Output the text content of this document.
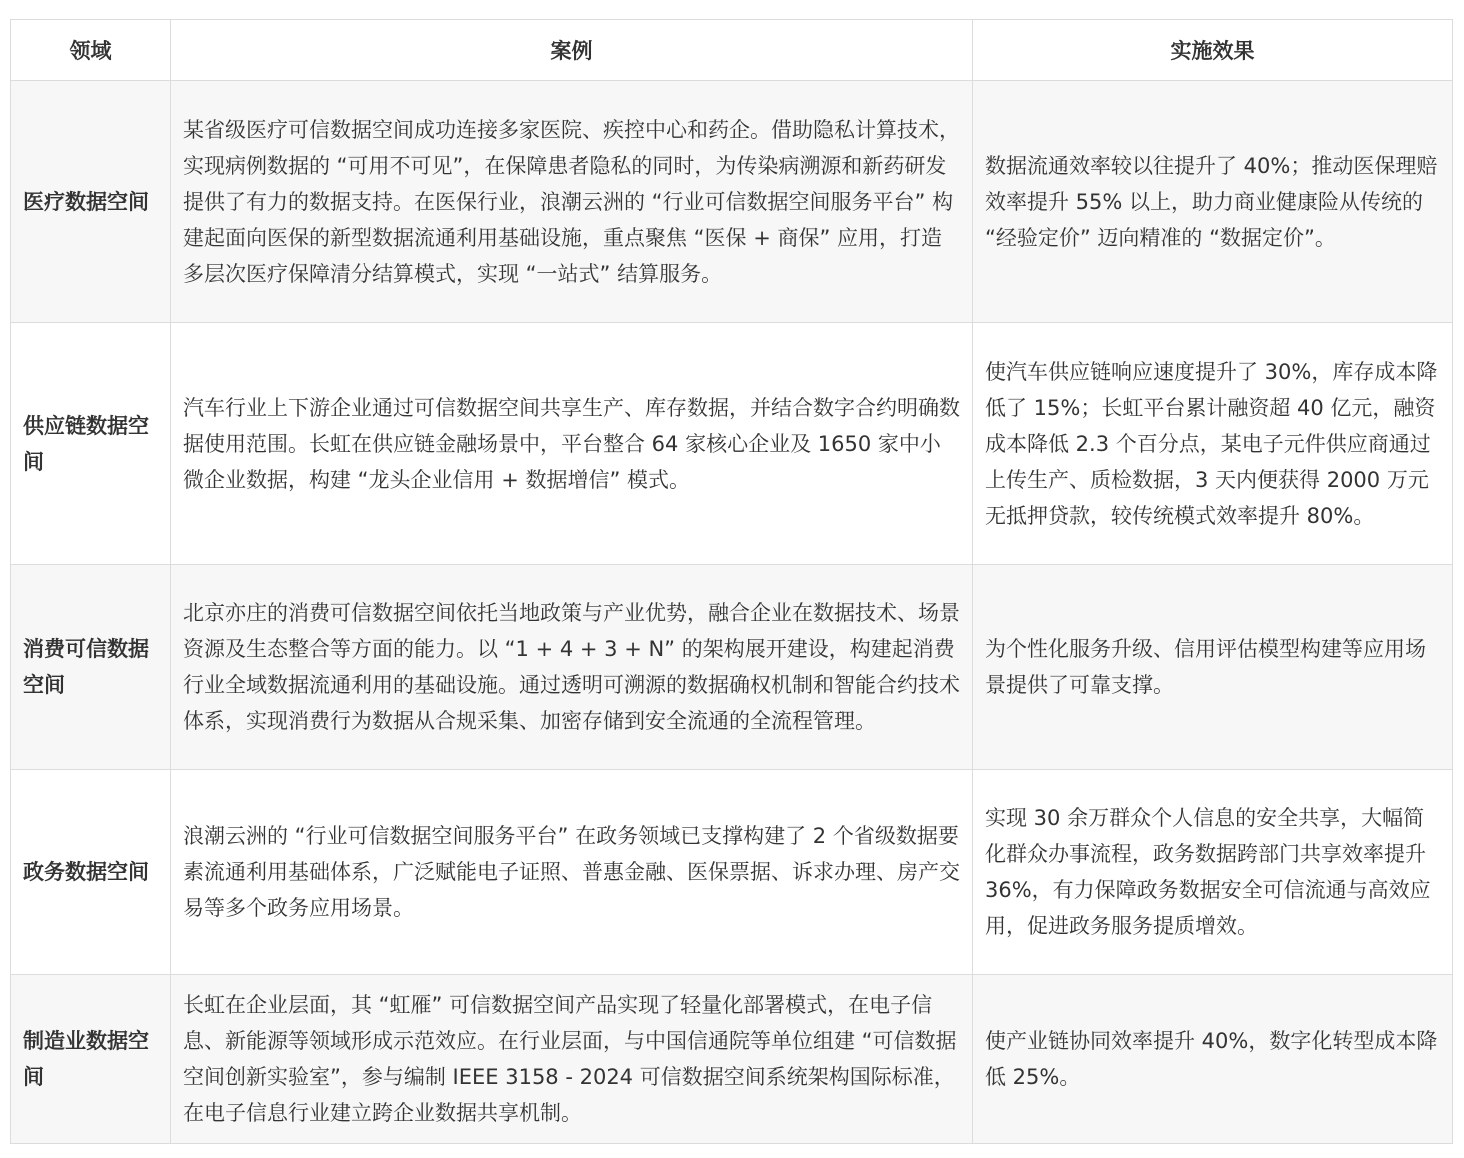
领域	案例	实施效果
医疗数据空间	某省级医疗可信数据空间成功连接多家医院、疾控中心和药企。借助隐私计算技术，实现病例数据的 “可用不可见”，在保障患者隐私的同时，为传染病溯源和新药研发提供了有力的数据支持。在医保行业，浪潮云洲的 “行业可信数据空间服务平台” 构建起面向医保的新型数据流通利用基础设施，重点聚焦 “医保 + 商保” 应用，打造多层次医疗保障清分结算模式，实现 “一站式” 结算服务。	数据流通效率较以往提升了 40%；推动医保理赔效率提升 55% 以上，助力商业健康险从传统的 “经验定价” 迈向精准的 “数据定价”。
供应链数据空间	汽车行业上下游企业通过可信数据空间共享生产、库存数据，并结合数字合约明确数据使用范围。长虹在供应链金融场景中，平台整合 64 家核心企业及 1650 家中小微企业数据，构建 “龙头企业信用 + 数据增信” 模式。	使汽车供应链响应速度提升了 30%，库存成本降低了 15%；长虹平台累计融资超 40 亿元，融资成本降低 2.3 个百分点，某电子元件供应商通过上传生产、质检数据，3 天内便获得 2000 万元无抵押贷款，较传统模式效率提升 80%。
消费可信数据空间	北京亦庄的消费可信数据空间依托当地政策与产业优势，融合企业在数据技术、场景资源及生态整合等方面的能力。以 “1 + 4 + 3 + N” 的架构展开建设，构建起消费行业全域数据流通利用的基础设施。通过透明可溯源的数据确权机制和智能合约技术体系，实现消费行为数据从合规采集、加密存储到安全流通的全流程管理。	为个性化服务升级、信用评估模型构建等应用场景提供了可靠支撑。
政务数据空间	浪潮云洲的 “行业可信数据空间服务平台” 在政务领域已支撑构建了 2 个省级数据要素流通利用基础体系，广泛赋能电子证照、普惠金融、医保票据、诉求办理、房产交易等多个政务应用场景。	实现 30 余万群众个人信息的安全共享，大幅简化群众办事流程，政务数据跨部门共享效率提升 36%，有力保障政务数据安全可信流通与高效应用，促进政务服务提质增效。
制造业数据空间	长虹在企业层面，其 “虹雁” 可信数据空间产品实现了轻量化部署模式，在电子信息、新能源等领域形成示范效应。在行业层面，与中国信通院等单位组建 “可信数据空间创新实验室”，参与编制 IEEE 3158 - 2024 可信数据空间系统架构国际标准，在电子信息行业建立跨企业数据共享机制。	使产业链协同效率提升 40%，数字化转型成本降低 25%。
